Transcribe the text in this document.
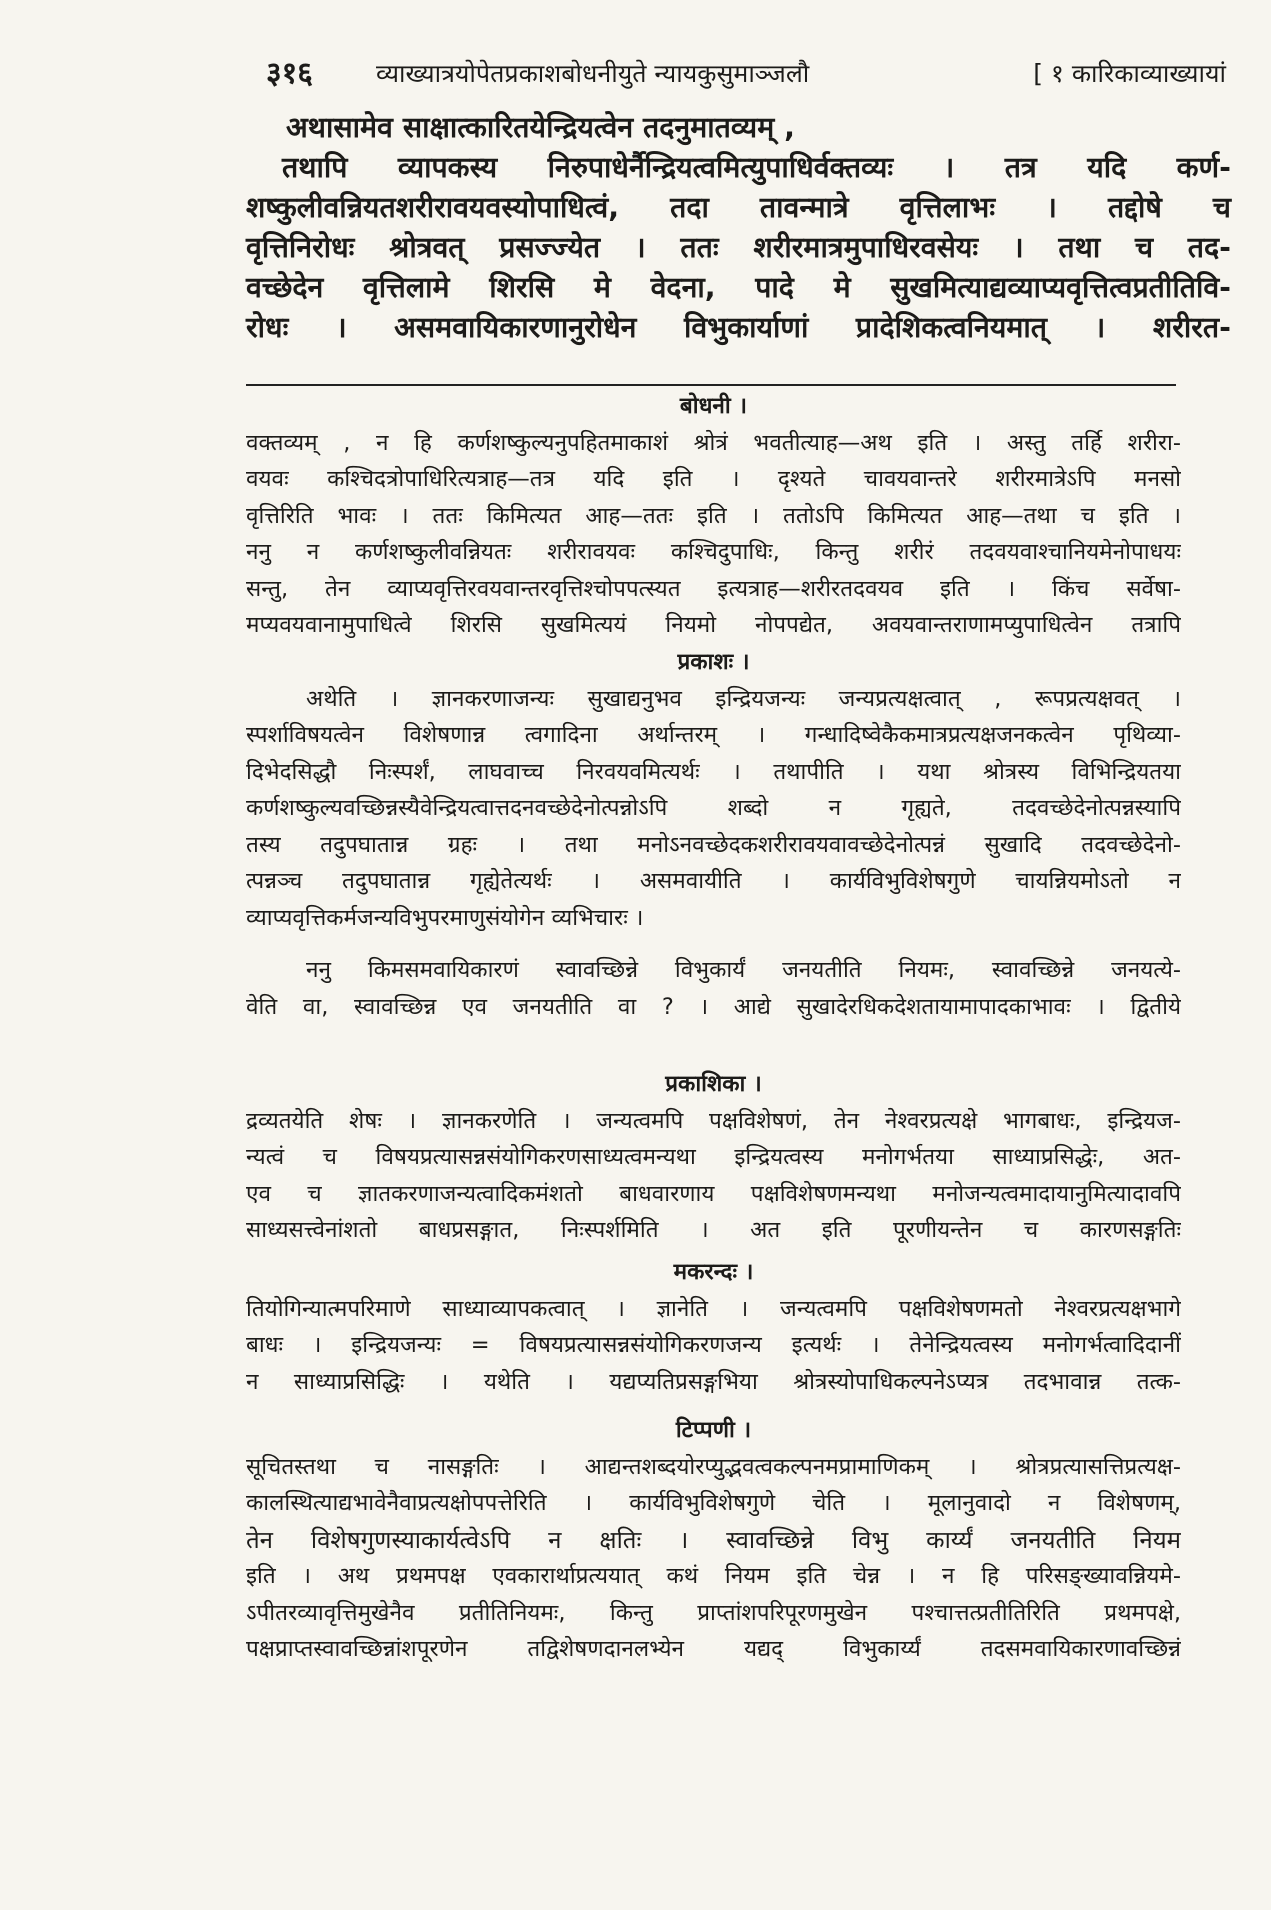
३१६	व्याख्यात्रयोपेतप्रकाशबोधनीयुते न्यायकुसुमाञ्जलौ	[ १ कारिकाव्याख्यायां

अथासामेव साक्षात्कारितयेन्द्रियत्वेन तदनुमातव्यम् ,

तथापि व्यापकस्य निरुपाधेर्नैन्द्रियत्वमित्युपाधिर्वक्तव्यः । तत्र यदि कर्ण-

शष्कुलीवन्नियतशरीरावयवस्योपाधित्वं, तदा तावन्मात्रे वृत्तिलाभः । तद्दोषे च

वृत्तिनिरोधः श्रोत्रवत् प्रसज्ज्येत । ततः शरीरमात्रमुपाधिरवसेयः । तथा च तद-

वच्छेदेन वृत्तिलामे शिरसि मे वेदना, पादे मे सुखमित्याद्यव्याप्यवृत्तित्वप्रतीतिवि-

रोधः । असमवायिकारणानुरोधेन विभुकार्याणां प्रादेशिकत्वनियमात् । शरीरत-

बोधनी ।

वक्तव्यम् , न हि कर्णशष्कुल्यनुपहितमाकाशं श्रोत्रं भवतीत्याह—अथ इति । अस्तु तर्हि शरीरा-

वयवः कश्चिदत्रोपाधिरित्यत्राह—तत्र यदि इति । दृश्यते चावयवान्तरे शरीरमात्रेऽपि मनसो

वृत्तिरिति भावः । ततः किमित्यत आह—ततः इति । ततोऽपि किमित्यत आह—तथा च इति ।

ननु न कर्णशष्कुलीवन्नियतः शरीरावयवः कश्चिदुपाधिः, किन्तु शरीरं तदवयवाश्चानियमेनोपाधयः

सन्तु, तेन व्याप्यवृत्तिरवयवान्तरवृत्तिश्चोपपत्स्यत इत्यत्राह—शरीरतदवयव इति । किंच सर्वेषा-

मप्यवयवानामुपाधित्वे शिरसि सुखमित्ययं नियमो नोपपद्येत, अवयवान्तराणामप्युपाधित्वेन तत्रापि

प्रकाशः ।

अथेति । ज्ञानकरणाजन्यः सुखाद्यनुभव इन्द्रियजन्यः जन्यप्रत्यक्षत्वात् , रूपप्रत्यक्षवत् ।

स्पर्शाविषयत्वेन विशेषणान्न त्वगादिना अर्थान्तरम् । गन्धादिष्वेकैकमात्रप्रत्यक्षजनकत्वेन पृथिव्या-

दिभेदसिद्धौ निःस्पर्शं, लाघवाच्च निरवयवमित्यर्थः । तथापीति । यथा श्रोत्रस्य विभिन्द्रियतया

कर्णशष्कुल्यवच्छिन्नस्यैवेन्द्रियत्वात्तदनवच्छेदेनोत्पन्नोऽपि शब्दो न गृह्यते, तदवच्छेदेनोत्पन्नस्यापि

तस्य तदुपघातान्न ग्रहः । तथा मनोऽनवच्छेदकशरीरावयवावच्छेदेनोत्पन्नं सुखादि तदवच्छेदेनो-

त्पन्नञ्च तदुपघातान्न गृह्येतेत्यर्थः । असमवायीति । कार्यविभुविशेषगुणे चायन्नियमोऽतो न

व्याप्यवृत्तिकर्मजन्यविभुपरमाणुसंयोगेन व्यभिचारः ।

ननु किमसमवायिकारणं स्वावच्छिन्ने विभुकार्यं जनयतीति नियमः, स्वावच्छिन्ने जनयत्ये-

वेति वा, स्वावच्छिन्न एव जनयतीति वा ? । आद्ये सुखादेरधिकदेशतायामापादकाभावः । द्वितीये

प्रकाशिका ।

द्रव्यतयेति शेषः । ज्ञानकरणेति । जन्यत्वमपि पक्षविशेषणं, तेन नेश्वरप्रत्यक्षे भागबाधः, इन्द्रियज-

न्यत्वं च विषयप्रत्यासन्नसंयोगिकरणसाध्यत्वमन्यथा इन्द्रियत्वस्य मनोगर्भतया साध्याप्रसिद्धेः, अत-

एव च ज्ञातकरणाजन्यत्वादिकमंशतो बाधवारणाय पक्षविशेषणमन्यथा मनोजन्यत्वमादायानुमित्यादावपि

साध्यसत्त्वेनांशतो बाधप्रसङ्गात, निःस्पर्शमिति । अत इति पूरणीयन्तेन च कारणसङ्गतिः

मकरन्दः ।

तियोगिन्यात्मपरिमाणे साध्याव्यापकत्वात् । ज्ञानेति । जन्यत्वमपि पक्षविशेषणमतो नेश्वरप्रत्यक्षभागे

बाधः । इन्द्रियजन्यः = विषयप्रत्यासन्नसंयोगिकरणजन्य इत्यर्थः । तेनेन्द्रियत्वस्य मनोगर्भत्वादिदानीं

न साध्याप्रसिद्धिः । यथेति । यद्यप्यतिप्रसङ्गभिया श्रोत्रस्योपाधिकल्पनेऽप्यत्र तदभावान्न तत्क-

टिप्पणी ।

सूचितस्तथा च नासङ्गतिः । आद्यन्तशब्दयोरप्युद्भवत्वकल्पनमप्रामाणिकम् । श्रोत्रप्रत्यासत्तिप्रत्यक्ष-

कालस्थित्याद्यभावेनैवाप्रत्यक्षोपपत्तेरिति । कार्यविभुविशेषगुणे चेति । मूलानुवादो न विशेषणम्,

तेन विशेषगुणस्याकार्यत्वेऽपि न क्षतिः । स्वावच्छिन्ने विभु कार्य्यं जनयतीति नियम

इति । अथ प्रथमपक्ष एवकारार्थाप्रत्ययात् कथं नियम इति चेन्न । न हि परिसङ्ख्यावन्नियमे-

ऽपीतरव्यावृत्तिमुखेनैव प्रतीतिनियमः, किन्तु प्राप्तांशपरिपूरणमुखेन पश्चात्तत्प्रतीतिरिति प्रथमपक्षे,

पक्षप्राप्तस्वावच्छिन्नांशपूरणेन तद्विशेषणदानलभ्येन यद्यद् विभुकार्य्यं तदसमवायिकारणावच्छिन्नं
